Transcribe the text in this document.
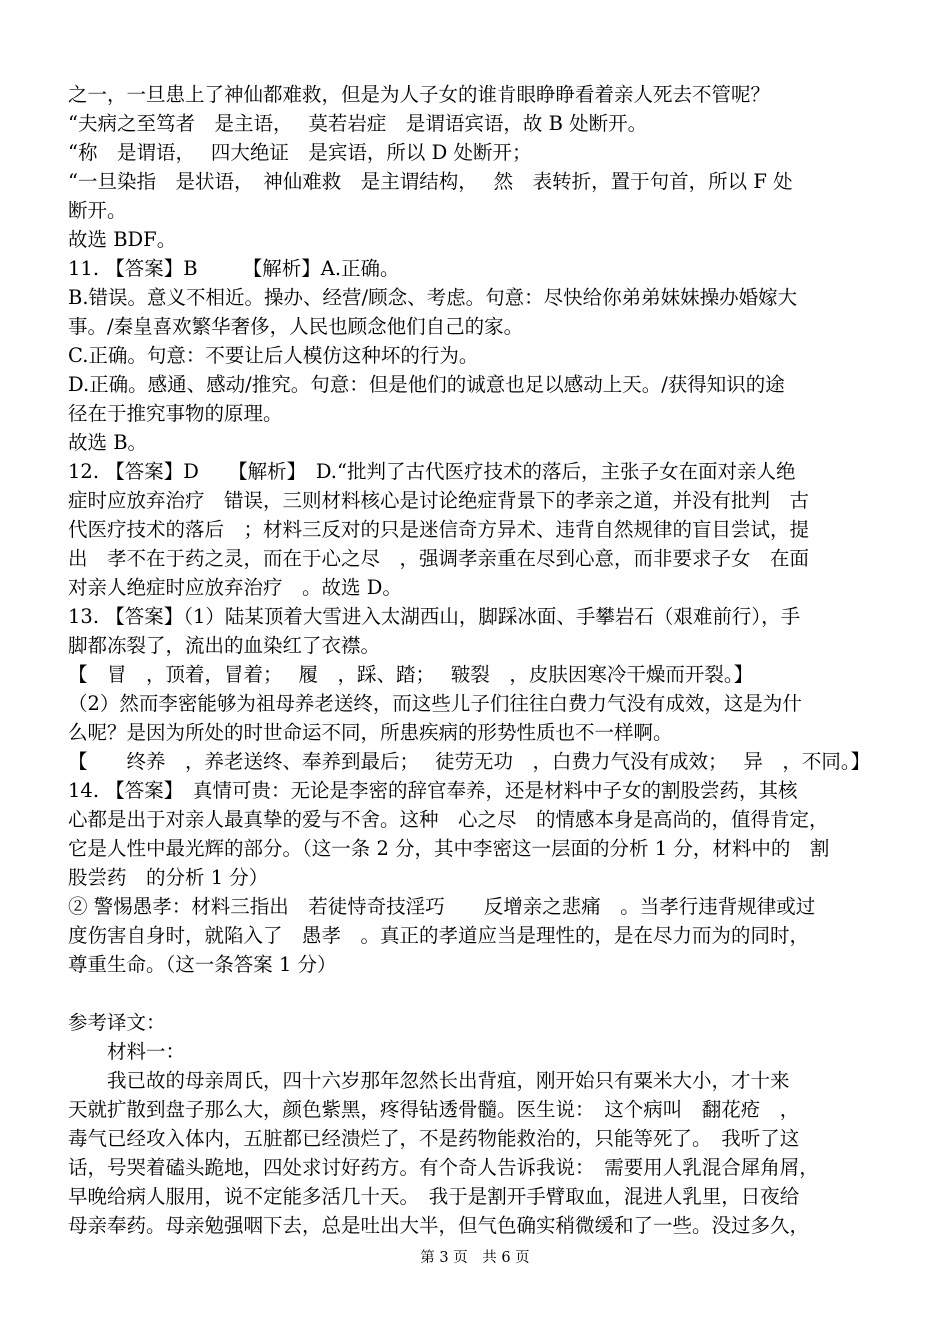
之一，一旦患上了神仙都难救，但是为人子女的谁肯眼睁睁看着亲人死去不管呢？
“夫病之至笃者　是主语，　 莫若岩症　是谓语宾语，故 B 处断开。
“称　是谓语，　 四大绝证　是宾语，所以 D 处断开；
“一旦染指　是状语，　神仙难救　是主谓结构，　 然　表转折，置于句首，所以 F 处
断开。
故选 BDF。
11. 【答案】B　　 【解析】A.正确。
B.错误。意义不相近。操办、经营/顾念、考虑。句意：尽快给你弟弟妹妹操办婚嫁大
事。/秦皇喜欢繁华奢侈，人民也顾念他们自己的家。
C.正确。句意：不要让后人模仿这种坏的行为。
D.正确。感通、感动/推究。句意：但是他们的诚意也足以感动上天。/获得知识的途
径在于推究事物的原理。
故选 B。
12. 【答案】D　　【解析】　D.“批判了古代医疗技术的落后，主张子女在面对亲人绝
症时应放弃治疗　错误，三则材料核心是讨论绝症背景下的孝亲之道，并没有批判　古
代医疗技术的落后　；材料三反对的只是迷信奇方异术、违背自然规律的盲目尝试，提
出　孝不在于药之灵，而在于心之尽　，强调孝亲重在尽到心意，而非要求子女　在面
对亲人绝症时应放弃治疗　。故选 D。
13. 【答案】（1）陆某顶着大雪进入太湖西山，脚踩冰面、手攀岩石（艰难前行），手
脚都冻裂了，流出的血染红了衣襟。
【　冒　，顶着，冒着；　 履　，踩、踏；　 皲裂　，皮肤因寒冷干燥而开裂。】
（2）然而李密能够为祖母养老送终，而这些儿子们往往白费力气没有成效，这是为什
么呢？是因为所处的时世命运不同，所患疾病的形势性质也不一样啊。
【　　终养　，养老送终、奉养到最后；　 徒劳无功　，白费力气没有成效；　 异　，不同。】
14. 【答案】　真情可贵：无论是李密的辞官奉养，还是材料中子女的割股尝药，其核
心都是出于对亲人最真挚的爱与不舍。这种　心之尽　的情感本身是高尚的，值得肯定，
它是人性中最光辉的部分。（这一条 2 分，其中李密这一层面的分析 1 分，材料中的　割
股尝药　的分析 1 分）
② 警惕愚孝：材料三指出　若徒恃奇技淫巧　　反增亲之悲痛　。当孝行违背规律或过
度伤害自身时，就陷入了　愚孝　。真正的孝道应当是理性的，是在尽力而为的同时，
尊重生命。（这一条答案 1 分）
参考译文：
　　材料一：
　　我已故的母亲周氏，四十六岁那年忽然长出背疽，刚开始只有粟米大小，才十来
天就扩散到盘子那么大，颜色紫黑，疼得钻透骨髓。医生说：　这个病叫　翻花疮　，
毒气已经攻入体内，五脏都已经溃烂了，不是药物能救治的，只能等死了。　我听了这
话，号哭着磕头跪地，四处求讨好药方。有个奇人告诉我说：　需要用人乳混合犀角屑，
早晚给病人服用，说不定能多活几十天。　我于是割开手臂取血，混进人乳里，日夜给
母亲奉药。母亲勉强咽下去，总是吐出大半，但气色确实稍微缓和了一些。没过多久，
第 3 页　共 6 页
